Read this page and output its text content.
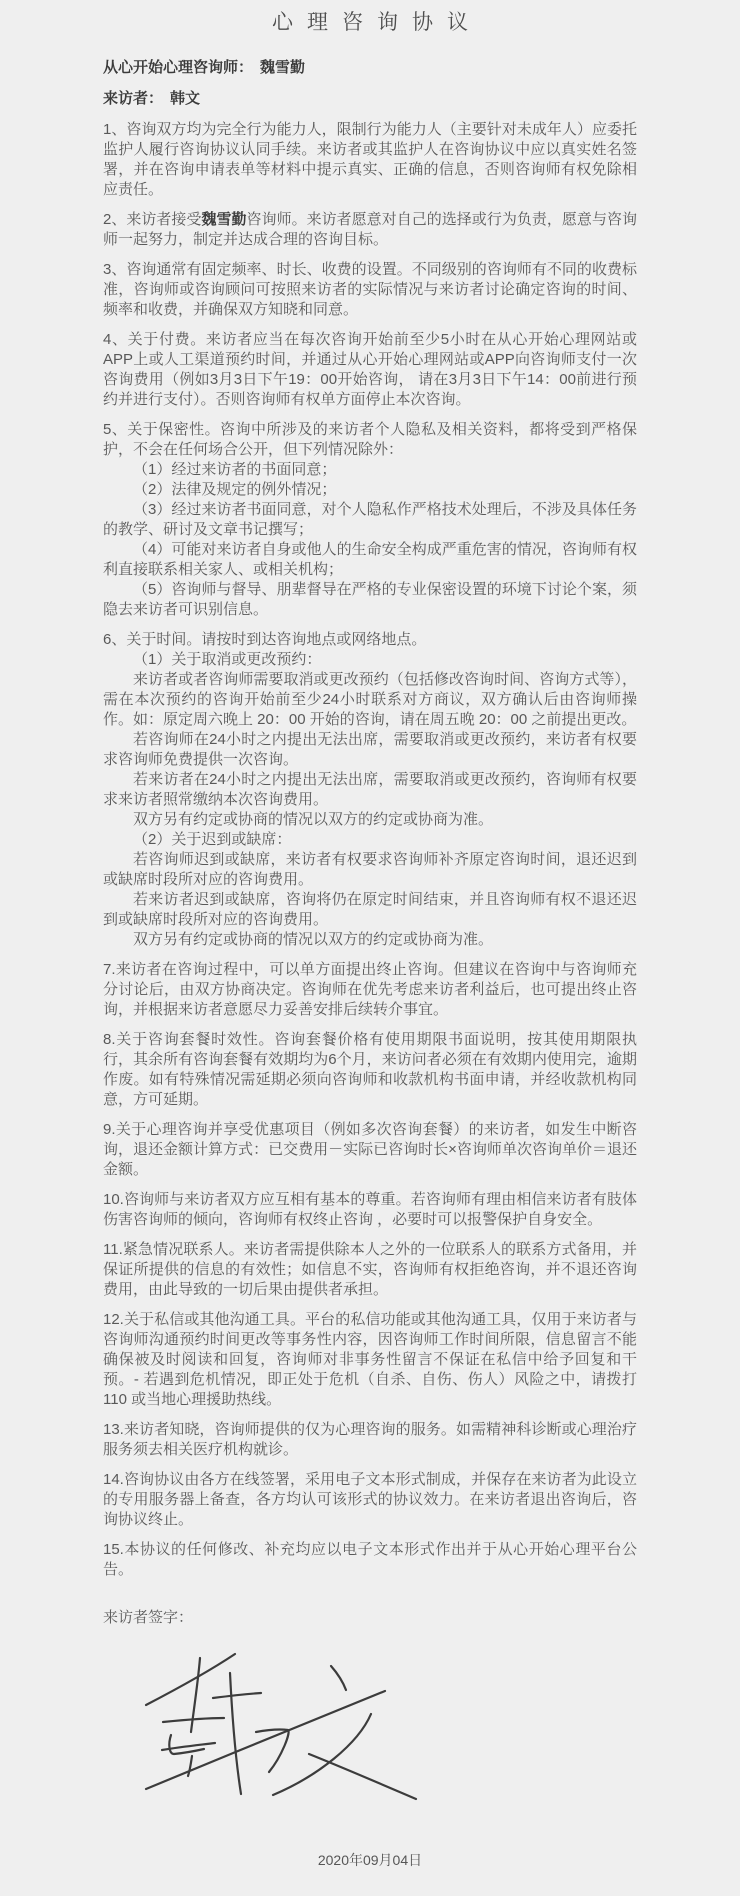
心理咨询协议
从心开始心理咨询师： 魏雪勤
来访者： 韩文

1、咨询双方均为完全行为能力人，限制行为能力人（主要针对未成年人）应委托监护人履行咨询协议认同手续。来访者或其监护人在咨询协议中应以真实姓名签署，并在咨询申请表单等材料中提示真实、正确的信息，否则咨询师有权免除相应责任。

2、来访者接受魏雪勤咨询师。来访者愿意对自己的选择或行为负责，愿意与咨询师一起努力，制定并达成合理的咨询目标。

3、咨询通常有固定频率、时长、收费的设置。不同级别的咨询师有不同的收费标准，咨询师或咨询顾问可按照来访者的实际情况与来访者讨论确定咨询的时间、频率和收费，并确保双方知晓和同意。

4、关于付费。来访者应当在每次咨询开始前至少5小时在从心开始心理网站或APP上或人工渠道预约时间，并通过从心开始心理网站或APP向咨询师支付一次咨询费用（例如3月3日下午19：00开始咨询， 请在3月3日下午14：00前进行预约并进行支付）。否则咨询师有权单方面停止本次咨询。

5、关于保密性。咨询中所涉及的来访者个人隐私及相关资料，都将受到严格保护，不会在任何场合公开，但下列情况除外：

（1）经过来访者的书面同意；

（2）法律及规定的例外情况；

（3）经过来访者书面同意，对个人隐私作严格技术处理后，不涉及具体任务的教学、研讨及文章书记撰写；

（4）可能对来访者自身或他人的生命安全构成严重危害的情况，咨询师有权利直接联系相关家人、或相关机构；

（5）咨询师与督导、朋辈督导在严格的专业保密设置的环境下讨论个案，须隐去来访者可识别信息。

6、关于时间。请按时到达咨询地点或网络地点。

（1）关于取消或更改预约：

来访者或者咨询师需要取消或更改预约（包括修改咨询时间、咨询方式等），需在本次预约的咨询开始前至少24小时联系对方商议，双方确认后由咨询师操作。如：原定周六晚上 20：00 开始的咨询，请在周五晚 20：00 之前提出更改。

若咨询师在24小时之内提出无法出席，需要取消或更改预约，来访者有权要求咨询师免费提供一次咨询。

若来访者在24小时之内提出无法出席，需要取消或更改预约，咨询师有权要求来访者照常缴纳本次咨询费用。

双方另有约定或协商的情况以双方的约定或协商为准。

（2）关于迟到或缺席：

若咨询师迟到或缺席，来访者有权要求咨询师补齐原定咨询时间，退还迟到或缺席时段所对应的咨询费用。

若来访者迟到或缺席，咨询将仍在原定时间结束，并且咨询师有权不退还迟到或缺席时段所对应的咨询费用。

双方另有约定或协商的情况以双方的约定或协商为准。

7.来访者在咨询过程中，可以单方面提出终止咨询。但建议在咨询中与咨询师充分讨论后，由双方协商决定。咨询师在优先考虑来访者利益后，也可提出终止咨询，并根据来访者意愿尽力妥善安排后续转介事宜。

8.关于咨询套餐时效性。咨询套餐价格有使用期限书面说明，按其使用期限执行，其余所有咨询套餐有效期均为6个月，来访问者必须在有效期内使用完，逾期作废。如有特殊情况需延期必须向咨询师和收款机构书面申请，并经收款机构同意，方可延期。

9.关于心理咨询并享受优惠项目（例如多次咨询套餐）的来访者，如发生中断咨询，退还金额计算方式：已交费用－实际已咨询时长×咨询师单次咨询单价＝退还金额。

10.咨询师与来访者双方应互相有基本的尊重。若咨询师有理由相信来访者有肢体伤害咨询师的倾向，咨询师有权终止咨询 ，必要时可以报警保护自身安全。

11.紧急情况联系人。来访者需提供除本人之外的一位联系人的联系方式备用，并保证所提供的信息的有效性；如信息不实，咨询师有权拒绝咨询，并不退还咨询费用，由此导致的一切后果由提供者承担。

12.关于私信或其他沟通工具。平台的私信功能或其他沟通工具，仅用于来访者与咨询师沟通预约时间更改等事务性内容，因咨询师工作时间所限，信息留言不能确保被及时阅读和回复，咨询师对非事务性留言不保证在私信中给予回复和干预。- 若遇到危机情况，即正处于危机（自杀、自伤、伤人）风险之中，请拨打 110 或当地心理援助热线。

13.来访者知晓，咨询师提供的仅为心理咨询的服务。如需精神科诊断或心理治疗服务须去相关医疗机构就诊。

14.咨询协议由各方在线签署，采用电子文本形式制成，并保存在来访者为此设立的专用服务器上备查，各方均认可该形式的协议效力。在来访者退出咨询后，咨询协议终止。

15.本协议的任何修改、补充均应以电子文本形式作出并于从心开始心理平台公告。

来访者签字：
2020年09月04日
